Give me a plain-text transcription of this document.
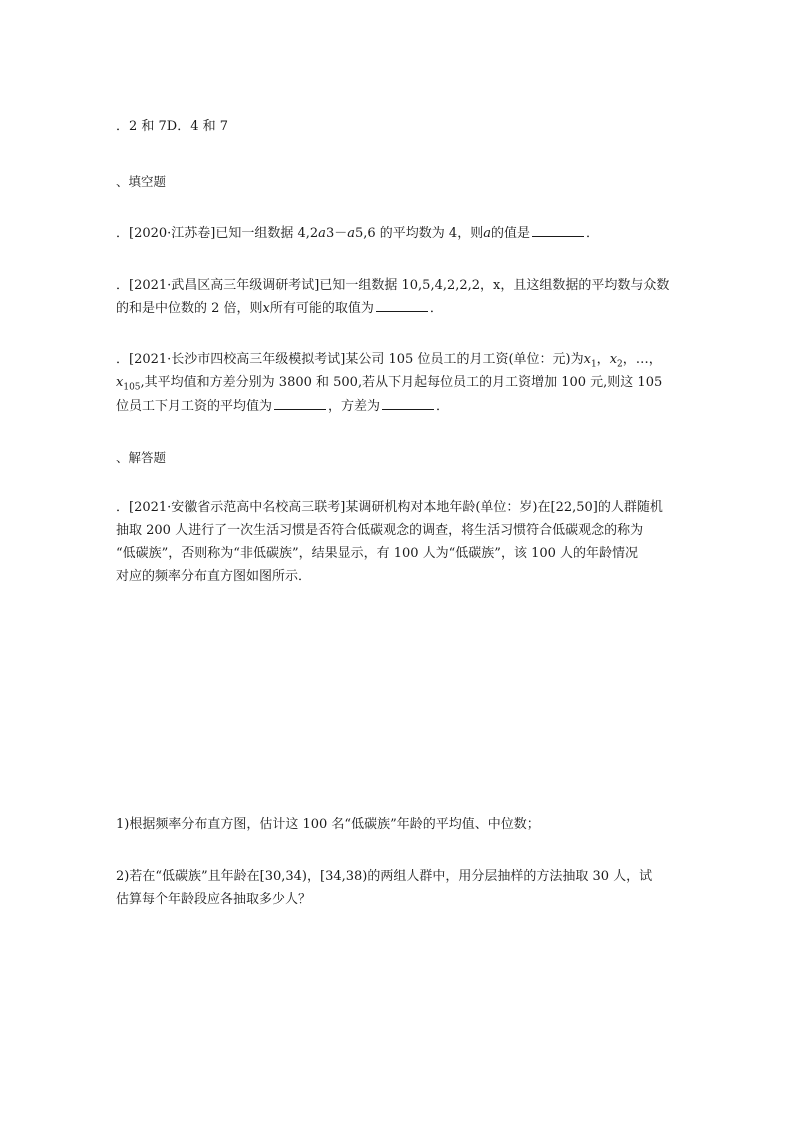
．2 和 7D．4 和 7
、填空题
．[2020·江苏卷]已知一组数据 4,2a3－a5,6 的平均数为 4，则a的值是	．
．[2021·武昌区高三年级调研考试]已知一组数据 10,5,4,2,2,2，x，且这组数据的平均数与众数
的和是中位数的 2 倍，则x所有可能的取值为	．
．[2021·长沙市四校高三年级模拟考试]某公司 105 位员工的月工资(单位：元)为$x_1$，$x_2$，…，
$x_{105}$,其平均值和方差分别为 3800 和 500,若从下月起每位员工的月工资增加 100 元,则这 105
位员工下月工资的平均值为	，方差为	．
、解答题
．[2021·安徽省示范高中名校高三联考]某调研机构对本地年龄(单位：岁)在[22,50]的人群随机
抽取 200 人进行了一次生活习惯是否符合低碳观念的调查，将生活习惯符合低碳观念的称为
“低碳族”，否则称为“非低碳族”，结果显示，有 100 人为“低碳族”，该 100 人的年龄情况
对应的频率分布直方图如图所示．
1)根据频率分布直方图，估计这 100 名“低碳族”年龄的平均值、中位数；
2)若在“低碳族”且年龄在[30,34)，[34,38)的两组人群中，用分层抽样的方法抽取 30 人，试
估算每个年龄段应各抽取多少人？
